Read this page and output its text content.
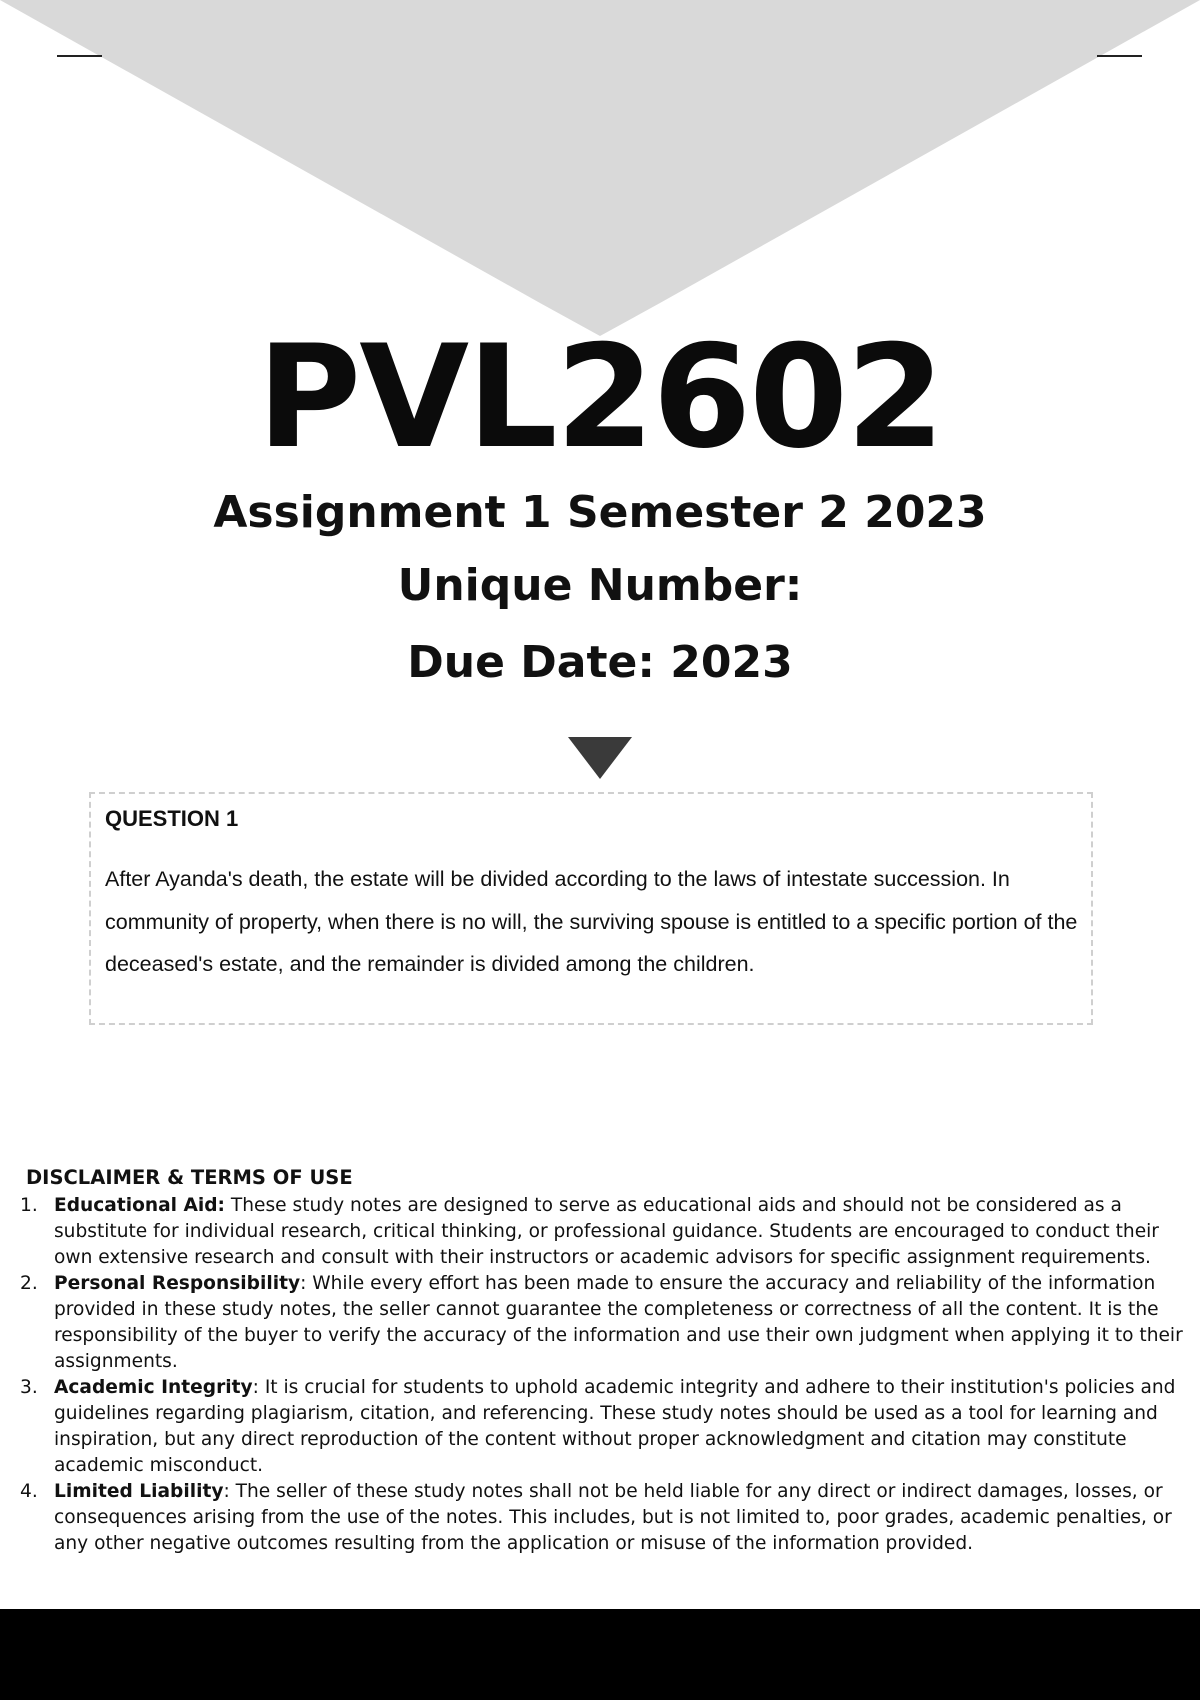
PVL2602
Assignment 1 Semester 2 2023
Unique Number:
Due Date: 2023
QUESTION 1
After Ayanda's death, the estate will be divided according to the laws of intestate succession. In community of property, when there is no will, the surviving spouse is entitled to a specific portion of the deceased's estate, and the remainder is divided among the children.
DISCLAIMER & TERMS OF USE
1. Educational Aid: These study notes are designed to serve as educational aids and should not be considered as a substitute for individual research, critical thinking, or professional guidance. Students are encouraged to conduct their own extensive research and consult with their instructors or academic advisors for specific assignment requirements.
2. Personal Responsibility: While every effort has been made to ensure the accuracy and reliability of the information provided in these study notes, the seller cannot guarantee the completeness or correctness of all the content. It is the responsibility of the buyer to verify the accuracy of the information and use their own judgment when applying it to their assignments.
3. Academic Integrity: It is crucial for students to uphold academic integrity and adhere to their institution's policies and guidelines regarding plagiarism, citation, and referencing. These study notes should be used as a tool for learning and inspiration, but any direct reproduction of the content without proper acknowledgment and citation may constitute academic misconduct.
4. Limited Liability: The seller of these study notes shall not be held liable for any direct or indirect damages, losses, or consequences arising from the use of the notes. This includes, but is not limited to, poor grades, academic penalties, or any other negative outcomes resulting from the application or misuse of the information provided.
